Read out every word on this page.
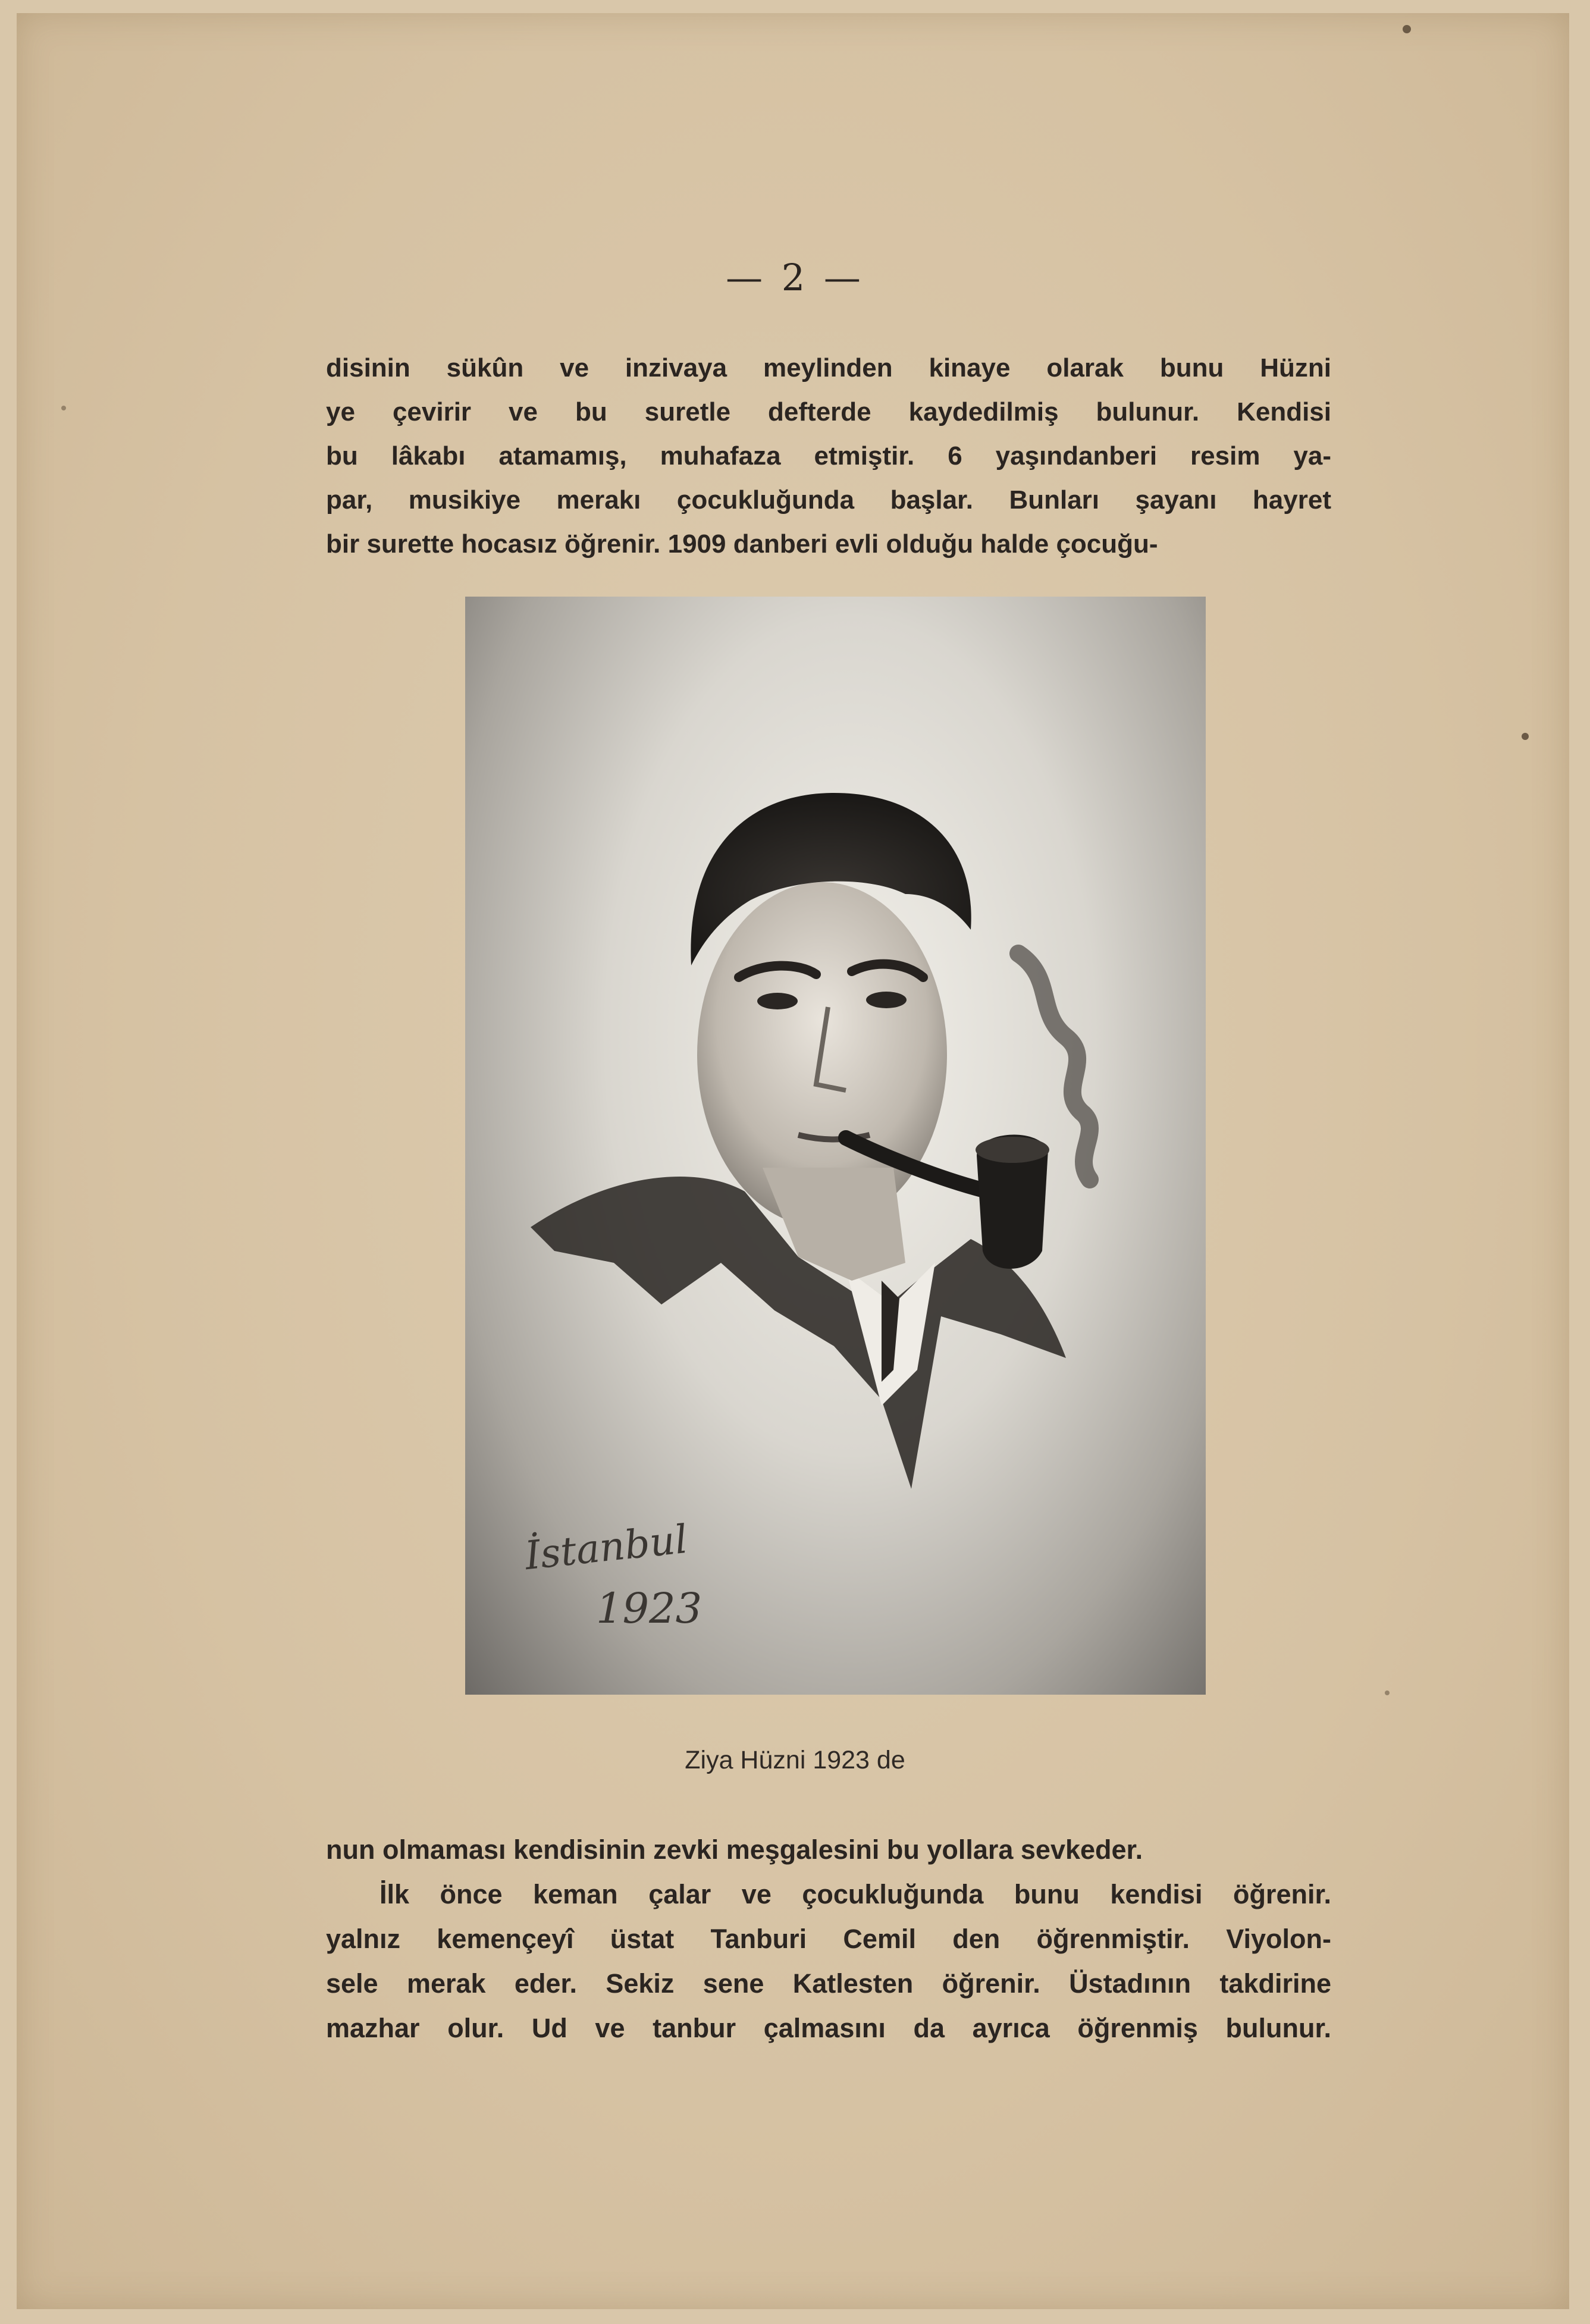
— 2 —

disinin sükûn ve inzivaya meylinden kinaye olarak bunu Hüzni
ye çevirir ve bu suretle defterde kaydedilmiş bulunur. Kendisi
bu lâkabı atamamış, muhafaza etmiştir. 6 yaşındanberi resim ya-
par, musikiye merakı çocukluğunda başlar. Bunları şayanı hayret
bir surette hocasız öğrenir. 1909 danberi evli olduğu halde çocuğu-

İstanbul
1923
Ziya Hüzni 1923 de

nun olmaması kendisinin zevki meşgalesini bu yollara sevkeder.
İlk önce keman çalar ve çocukluğunda bunu kendisi öğrenir.
yalnız kemençeyî üstat Tanburi Cemil den öğrenmiştir. Viyolon-
sele merak eder. Sekiz sene Katlesten öğrenir. Üstadının takdirine
mazhar olur. Ud ve tanbur çalmasını da ayrıca öğrenmiş bulunur.
